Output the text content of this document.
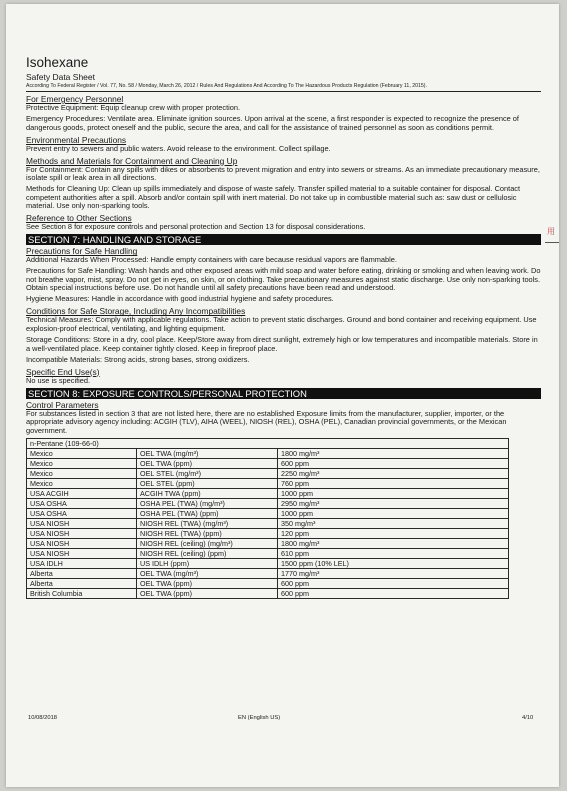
Isohexane
Safety Data Sheet
According To Federal Register / Vol. 77, No. 58 / Monday, March 26, 2012 / Rules And Regulations And According To The Hazardous Products Regulation (February 11, 2015).
For Emergency Personnel
Protective Equipment: Equip cleanup crew with proper protection.
Emergency Procedures: Ventilate area. Eliminate ignition sources. Upon arrival at the scene, a first responder is expected to recognize the presence of dangerous goods, protect oneself and the public, secure the area, and call for the assistance of trained personnel as soon as conditions permit.
Environmental Precautions
Prevent entry to sewers and public waters. Avoid release to the environment. Collect spillage.
Methods and Materials for Containment and Cleaning Up
For Containment: Contain any spills with dikes or absorbents to prevent migration and entry into sewers or streams. As an immediate precautionary measure, isolate spill or leak area in all directions.
Methods for Cleaning Up: Clean up spills immediately and dispose of waste safely. Transfer spilled material to a suitable container for disposal. Contact competent authorities after a spill. Absorb and/or contain spill with inert material. Do not take up in combustible material such as: saw dust or cellulosic material. Use only non-sparking tools.
Reference to Other Sections
See Section 8 for exposure controls and personal protection and Section 13 for disposal considerations.
SECTION 7: HANDLING AND STORAGE
Precautions for Safe Handling
Additional Hazards When Processed: Handle empty containers with care because residual vapors are flammable.
Precautions for Safe Handling: Wash hands and other exposed areas with mild soap and water before eating, drinking or smoking and when leaving work. Do not breathe vapor, mist, spray. Do not get in eyes, on skin, or on clothing. Take precautionary measures against static discharge. Use only non-sparking tools. Obtain special instructions before use. Do not handle until all safety precautions have been read and understood.
Hygiene Measures: Handle in accordance with good industrial hygiene and safety procedures.
Conditions for Safe Storage, Including Any Incompatibilities
Technical Measures: Comply with applicable regulations. Take action to prevent static discharges. Ground and bond container and receiving equipment. Use explosion-proof electrical, ventilating, and lighting equipment.
Storage Conditions: Store in a dry, cool place. Keep/Store away from direct sunlight, extremely high or low temperatures and incompatible materials. Store in a well-ventilated place. Keep container tightly closed. Keep in fireproof place.
Incompatible Materials: Strong acids, strong bases, strong oxidizers.
Specific End Use(s)
No use is specified.
SECTION 8: EXPOSURE CONTROLS/PERSONAL PROTECTION
Control Parameters
For substances listed in section 3 that are not listed here, there are no established Exposure limits from the manufacturer, supplier, importer, or the appropriate advisory agency including: ACGIH (TLV), AIHA (WEEL), NIOSH (REL), OSHA (PEL), Canadian provincial governments, or the Mexican government.
n-Pentane (109-66-0)		
Mexico	OEL TWA (mg/m³)	1800 mg/m³
Mexico	OEL TWA (ppm)	600 ppm
Mexico	OEL STEL (mg/m³)	2250 mg/m³
Mexico	OEL STEL (ppm)	760 ppm
USA ACGIH	ACGIH TWA (ppm)	1000 ppm
USA OSHA	OSHA PEL (TWA) (mg/m³)	2950 mg/m³
USA OSHA	OSHA PEL (TWA) (ppm)	1000 ppm
USA NIOSH	NIOSH REL (TWA) (mg/m³)	350 mg/m³
USA NIOSH	NIOSH REL (TWA) (ppm)	120 ppm
USA NIOSH	NIOSH REL (ceiling) (mg/m³)	1800 mg/m³
USA NIOSH	NIOSH REL (ceiling) (ppm)	610 ppm
USA IDLH	US IDLH (ppm)	1500 ppm (10% LEL)
Alberta	OEL TWA (mg/m³)	1770 mg/m³
Alberta	OEL TWA (ppm)	600 ppm
British Columbia	OEL TWA (ppm)	600 ppm
10/08/2018	EN (English US)	4/10
用
